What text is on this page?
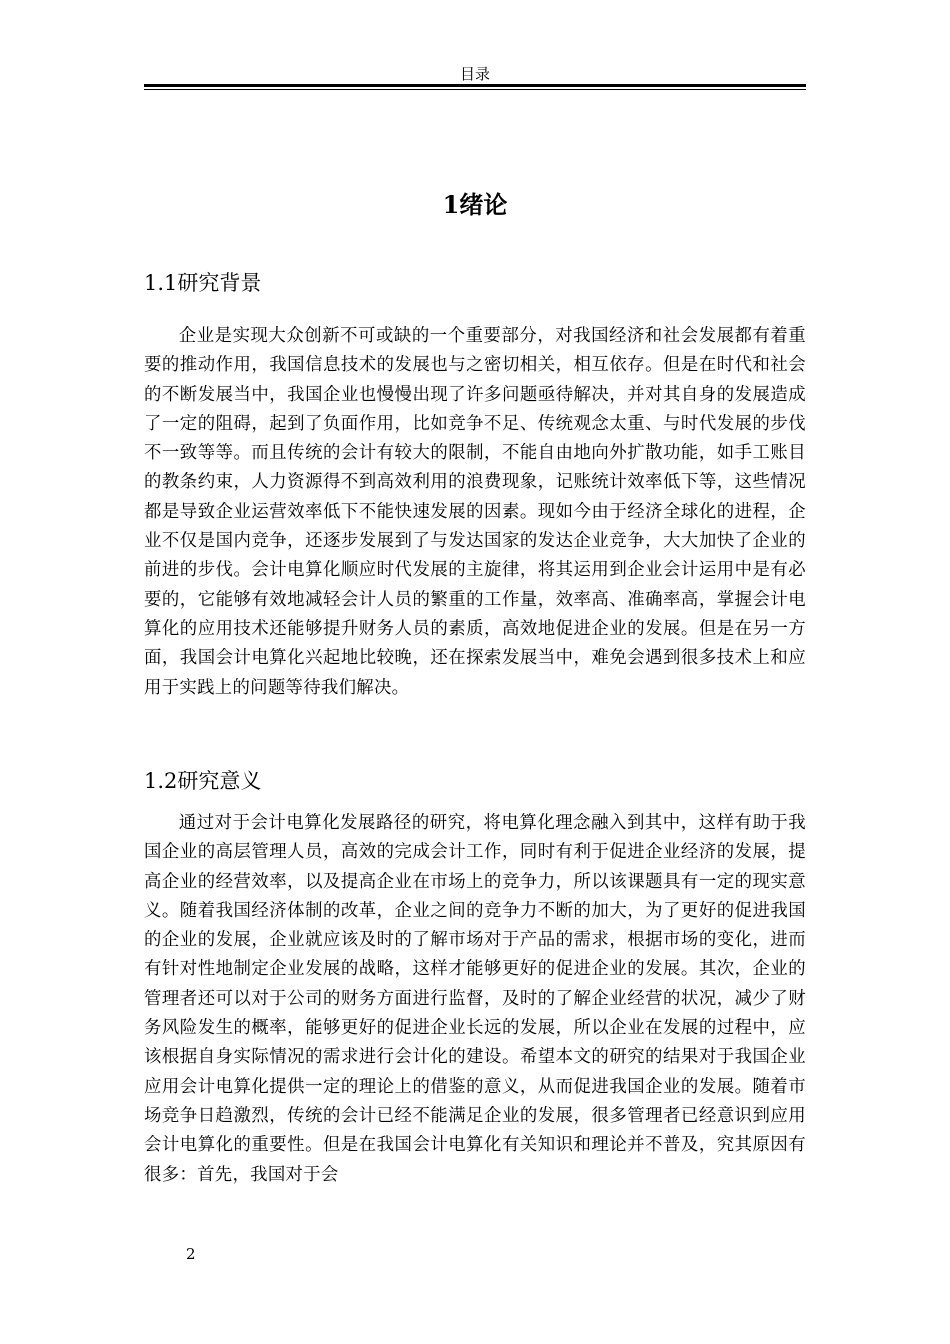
目录
1绪论
1.1研究背景

企业是实现大众创新不可或缺的一个重要部分，对我国经济和社会发展都有着重要的推动作用，我国信息技术的发展也与之密切相关，相互依存。但是在时代和社会的不断发展当中，我国企业也慢慢出现了许多问题亟待解决，并对其自身的发展造成了一定的阻碍，起到了负面作用，比如竞争不足、传统观念太重、与时代发展的步伐不一致等等。而且传统的会计有较大的限制，不能自由地向外扩散功能，如手工账目的教条约束，人力资源得不到高效利用的浪费现象，记账统计效率低下等，这些情况都是导致企业运营效率低下不能快速发展的因素。现如今由于经济全球化的进程，企业不仅是国内竞争，还逐步发展到了与发达国家的发达企业竞争，大大加快了企业的前进的步伐。会计电算化顺应时代发展的主旋律，将其运用到企业会计运用中是有必要的，它能够有效地减轻会计人员的繁重的工作量，效率高、准确率高，掌握会计电算化的应用技术还能够提升财务人员的素质，高效地促进企业的发展。但是在另一方面，我国会计电算化兴起地比较晚，还在探索发展当中，难免会遇到很多技术上和应用于实践上的问题等待我们解决。

1.2研究意义

通过对于会计电算化发展路径的研究，将电算化理念融入到其中，这样有助于我国企业的高层管理人员，高效的完成会计工作，同时有利于促进企业经济的发展，提高企业的经营效率，以及提高企业在市场上的竞争力，所以该课题具有一定的现实意义。随着我国经济体制的改革，企业之间的竞争力不断的加大，为了更好的促进我国的企业的发展，企业就应该及时的了解市场对于产品的需求，根据市场的变化，进而有针对性地制定企业发展的战略，这样才能够更好的促进企业的发展。其次，企业的管理者还可以对于公司的财务方面进行监督，及时的了解企业经营的状况，减少了财务风险发生的概率，能够更好的促进企业长远的发展，所以企业在发展的过程中，应该根据自身实际情况的需求进行会计化的建设。希望本文的研究的结果对于我国企业应用会计电算化提供一定的理论上的借鉴的意义，从而促进我国企业的发展。随着市场竞争日趋激烈，传统的会计已经不能满足企业的发展，很多管理者已经意识到应用会计电算化的重要性。但是在我国会计电算化有关知识和理论并不普及，究其原因有很多：首先，我国对于会

2
